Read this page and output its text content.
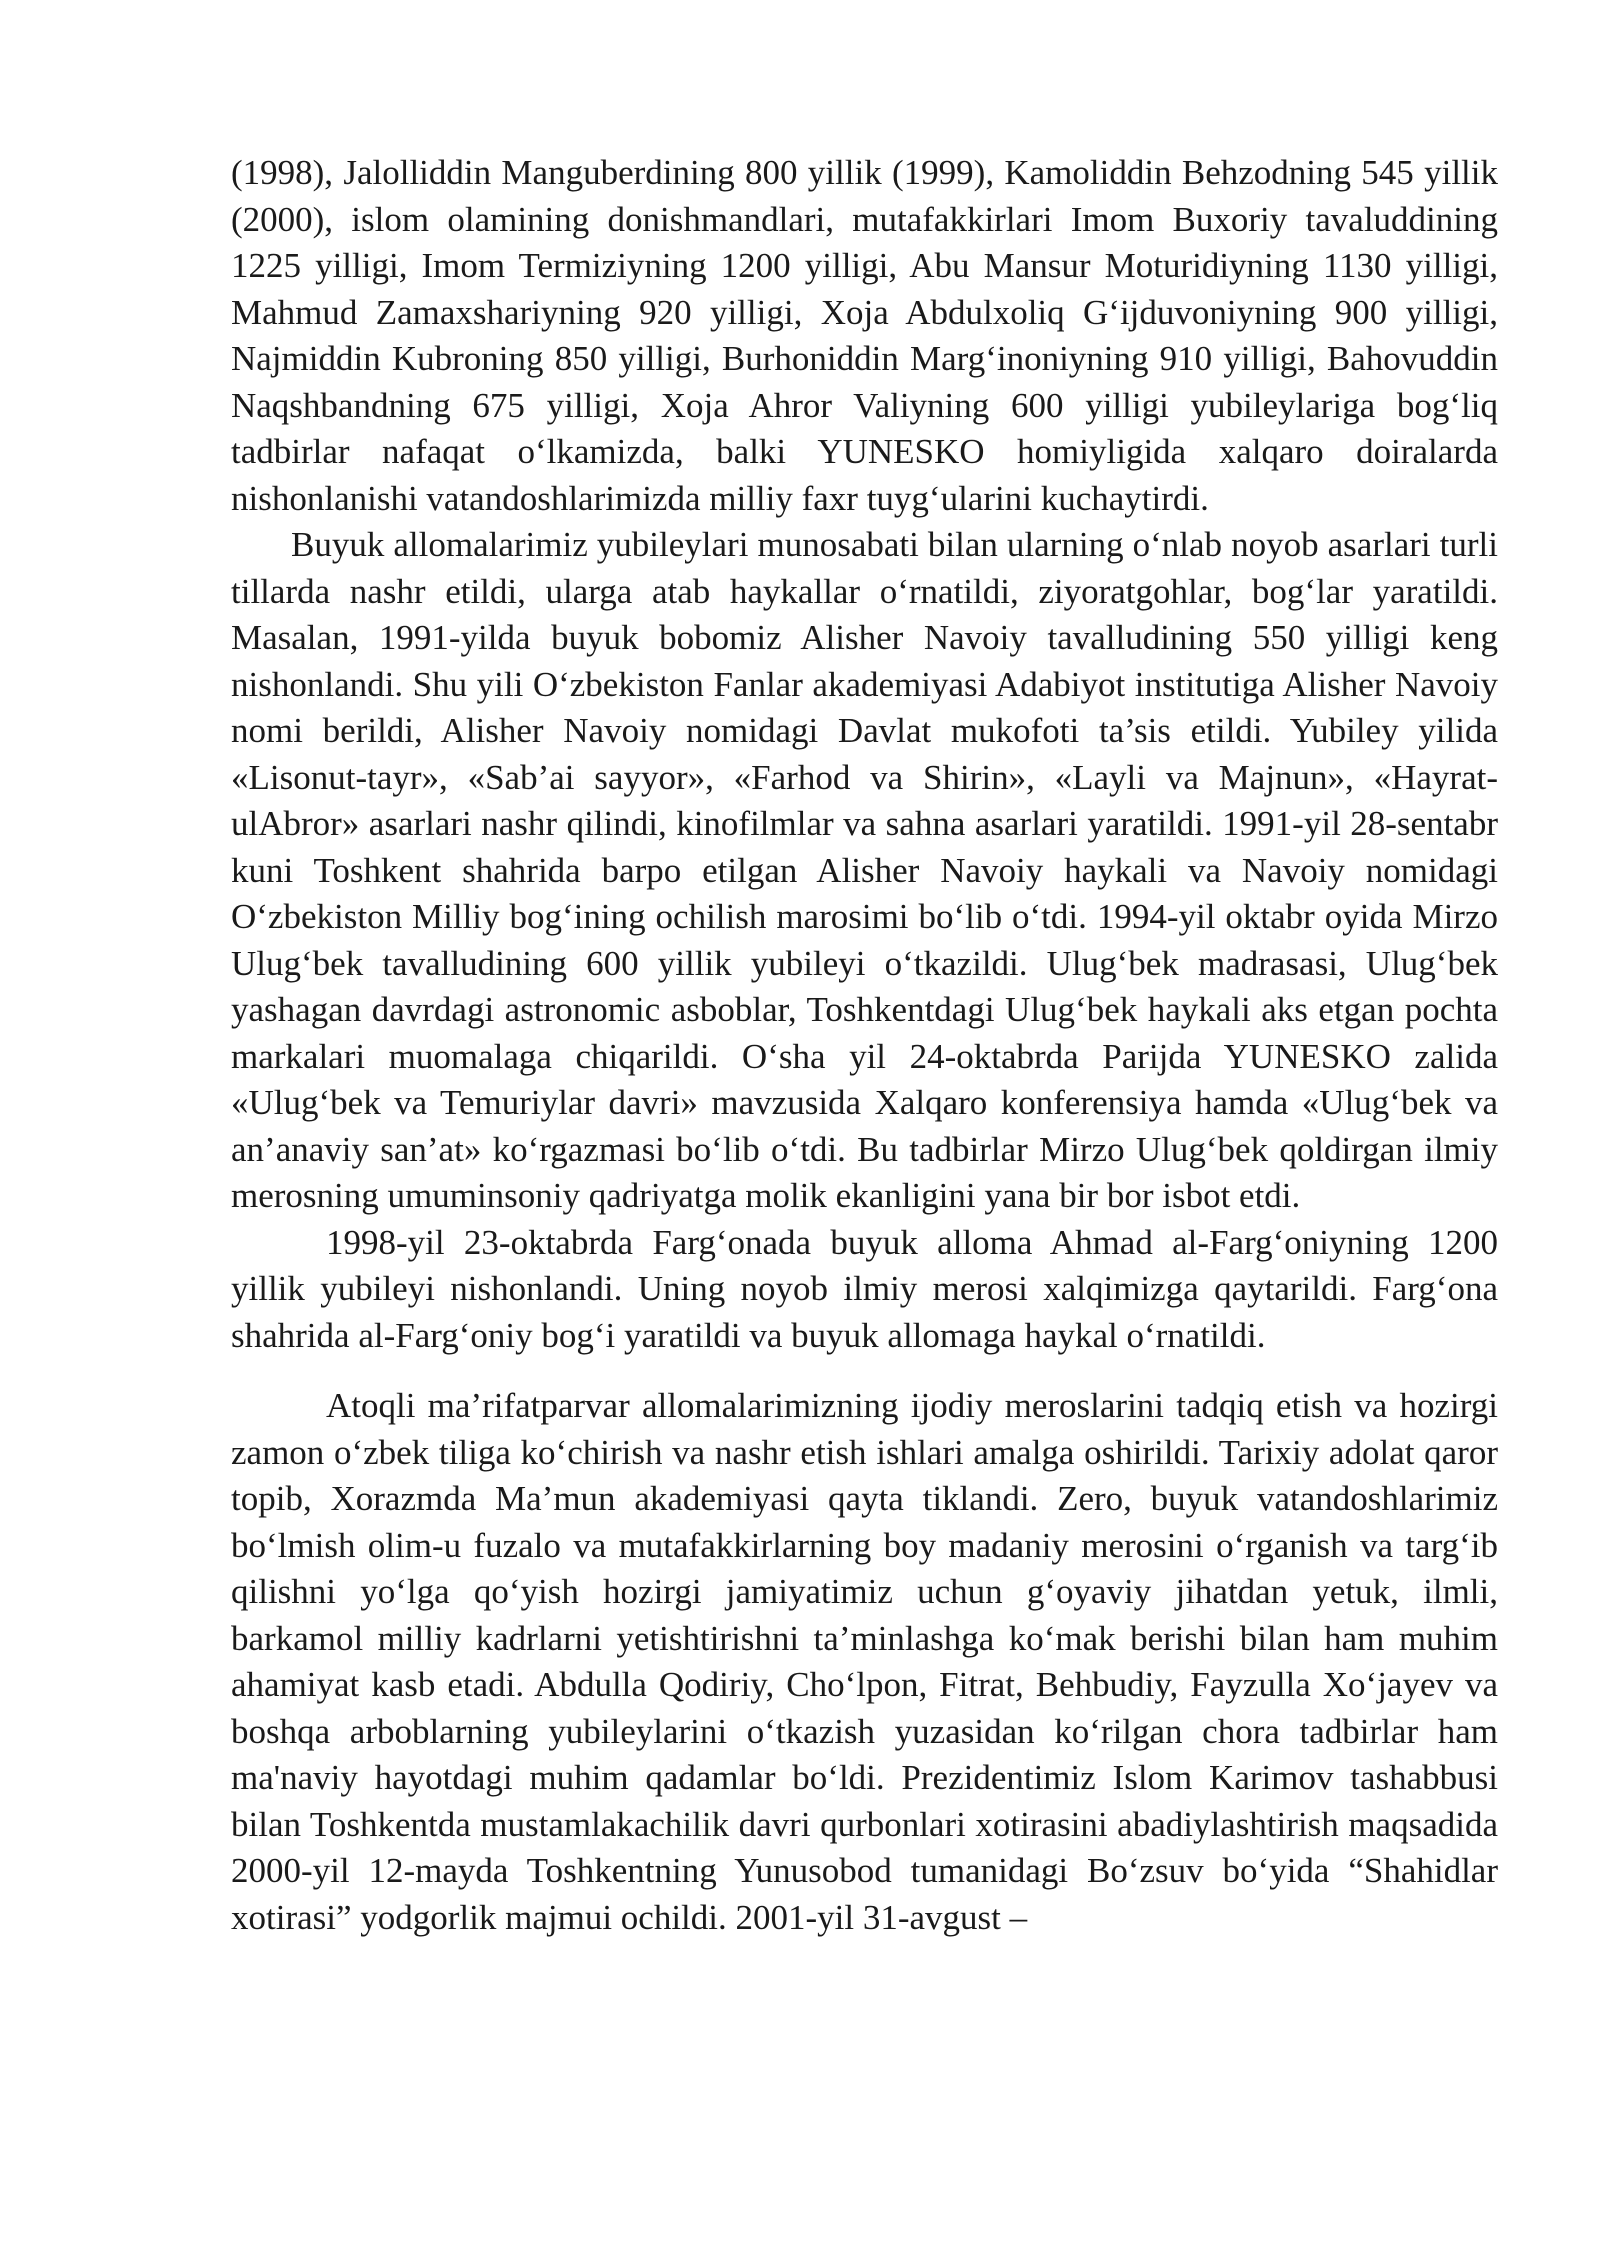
(1998), Jalolliddin Manguberdining 800 yillik (1999), Kamoliddin Behzodning 545 yillik (2000), islom olamining donishmandlari, mutafakkirlari Imom Buxoriy tavaluddining 1225 yilligi, Imom Termiziyning 1200 yilligi, Abu Mansur Moturidiyning 1130 yilligi, Mahmud Zamaxshariyning 920 yilligi, Xoja Abdulxoliq G‘ijduvoniyning 900 yilligi, Najmiddin Kubroning 850 yilligi, Burhoniddin Marg‘inoniyning 910 yilligi, Bahovuddin Naqshbandning 675 yilligi, Xoja Ahror Valiyning 600 yilligi yubileylariga bog‘liq tadbirlar nafaqat o‘lkamizda, balki YUNESKO homiyligida xalqaro doiralarda nishonlanishi vatandoshlarimizda milliy faxr tuyg‘ularini kuchaytirdi.

Buyuk allomalarimiz yubileylari munosabati bilan ularning o‘nlab noyob asarlari turli tillarda nashr etildi, ularga atab haykallar o‘rnatildi, ziyoratgohlar, bog‘lar yaratildi. Masalan, 1991-yilda buyuk bobomiz Alisher Navoiy tavalludining 550 yilligi keng nishonlandi. Shu yili O‘zbekiston Fanlar akademiyasi Adabiyot institutiga Alisher Navoiy nomi berildi, Alisher Navoiy nomidagi Davlat mukofoti ta’sis etildi. Yubiley yilida «Lisonut-tayr», «Sab’ai sayyor», «Farhod va Shirin», «Layli va Majnun», «Hayrat-ulAbror» asarlari nashr qilindi, kinofilmlar va sahna asarlari yaratildi. 1991-yil 28-sentabr kuni Toshkent shahrida barpo etilgan Alisher Navoiy haykali va Navoiy nomidagi O‘zbekiston Milliy bog‘ining ochilish marosimi bo‘lib o‘tdi. 1994-yil oktabr oyida Mirzo Ulug‘bek tavalludining 600 yillik yubileyi o‘tkazildi. Ulug‘bek madrasasi, Ulug‘bek yashagan davrdagi astronomic asboblar, Toshkentdagi Ulug‘bek haykali aks etgan pochta markalari muomalaga chiqarildi. O‘sha yil 24-oktabrda Parijda YUNESKO zalida «Ulug‘bek va Temuriylar davri» mavzusida Xalqaro konferensiya hamda «Ulug‘bek va an’anaviy san’at» ko‘rgazmasi bo‘lib o‘tdi. Bu tadbirlar Mirzo Ulug‘bek qoldirgan ilmiy merosning umuminsoniy qadriyatga molik ekanligini yana bir bor isbot etdi.

1998-yil 23-oktabrda Farg‘onada buyuk alloma Ahmad al-Farg‘oniyning 1200 yillik yubileyi nishonlandi. Uning noyob ilmiy merosi xalqimizga qaytarildi. Farg‘ona shahrida al-Farg‘oniy bog‘i yaratildi va buyuk allomaga haykal o‘rnatildi.

Atoqli ma’rifatparvar allomalarimizning ijodiy meroslarini tadqiq etish va hozirgi zamon o‘zbek tiliga ko‘chirish va nashr etish ishlari amalga oshirildi. Tarixiy adolat qaror topib, Xorazmda Ma’mun akademiyasi qayta tiklandi. Zero, buyuk vatandoshlarimiz bo‘lmish olim-u fuzalo va mutafakkirlarning boy madaniy merosini o‘rganish va targ‘ib qilishni yo‘lga qo‘yish hozirgi jamiyatimiz uchun g‘oyaviy jihatdan yetuk, ilmli, barkamol milliy kadrlarni yetishtirishni ta’minlashga ko‘mak berishi bilan ham muhim ahamiyat kasb etadi. Abdulla Qodiriy, Cho‘lpon, Fitrat, Behbudiy, Fayzulla Xo‘jayev va boshqa arboblarning yubileylarini o‘tkazish yuzasidan ko‘rilgan chora tadbirlar ham ma'naviy hayotdagi muhim qadamlar bo‘ldi. Prezidentimiz Islom Karimov tashabbusi bilan Toshkentda mustamlakachilik davri qurbonlari xotirasini abadiylashtirish maqsadida 2000-yil 12-mayda Toshkentning Yunusobod tumanidagi Bo‘zsuv bo‘yida “Shahidlar xotirasi” yodgorlik majmui ochildi. 2001-yil 31-avgust –
